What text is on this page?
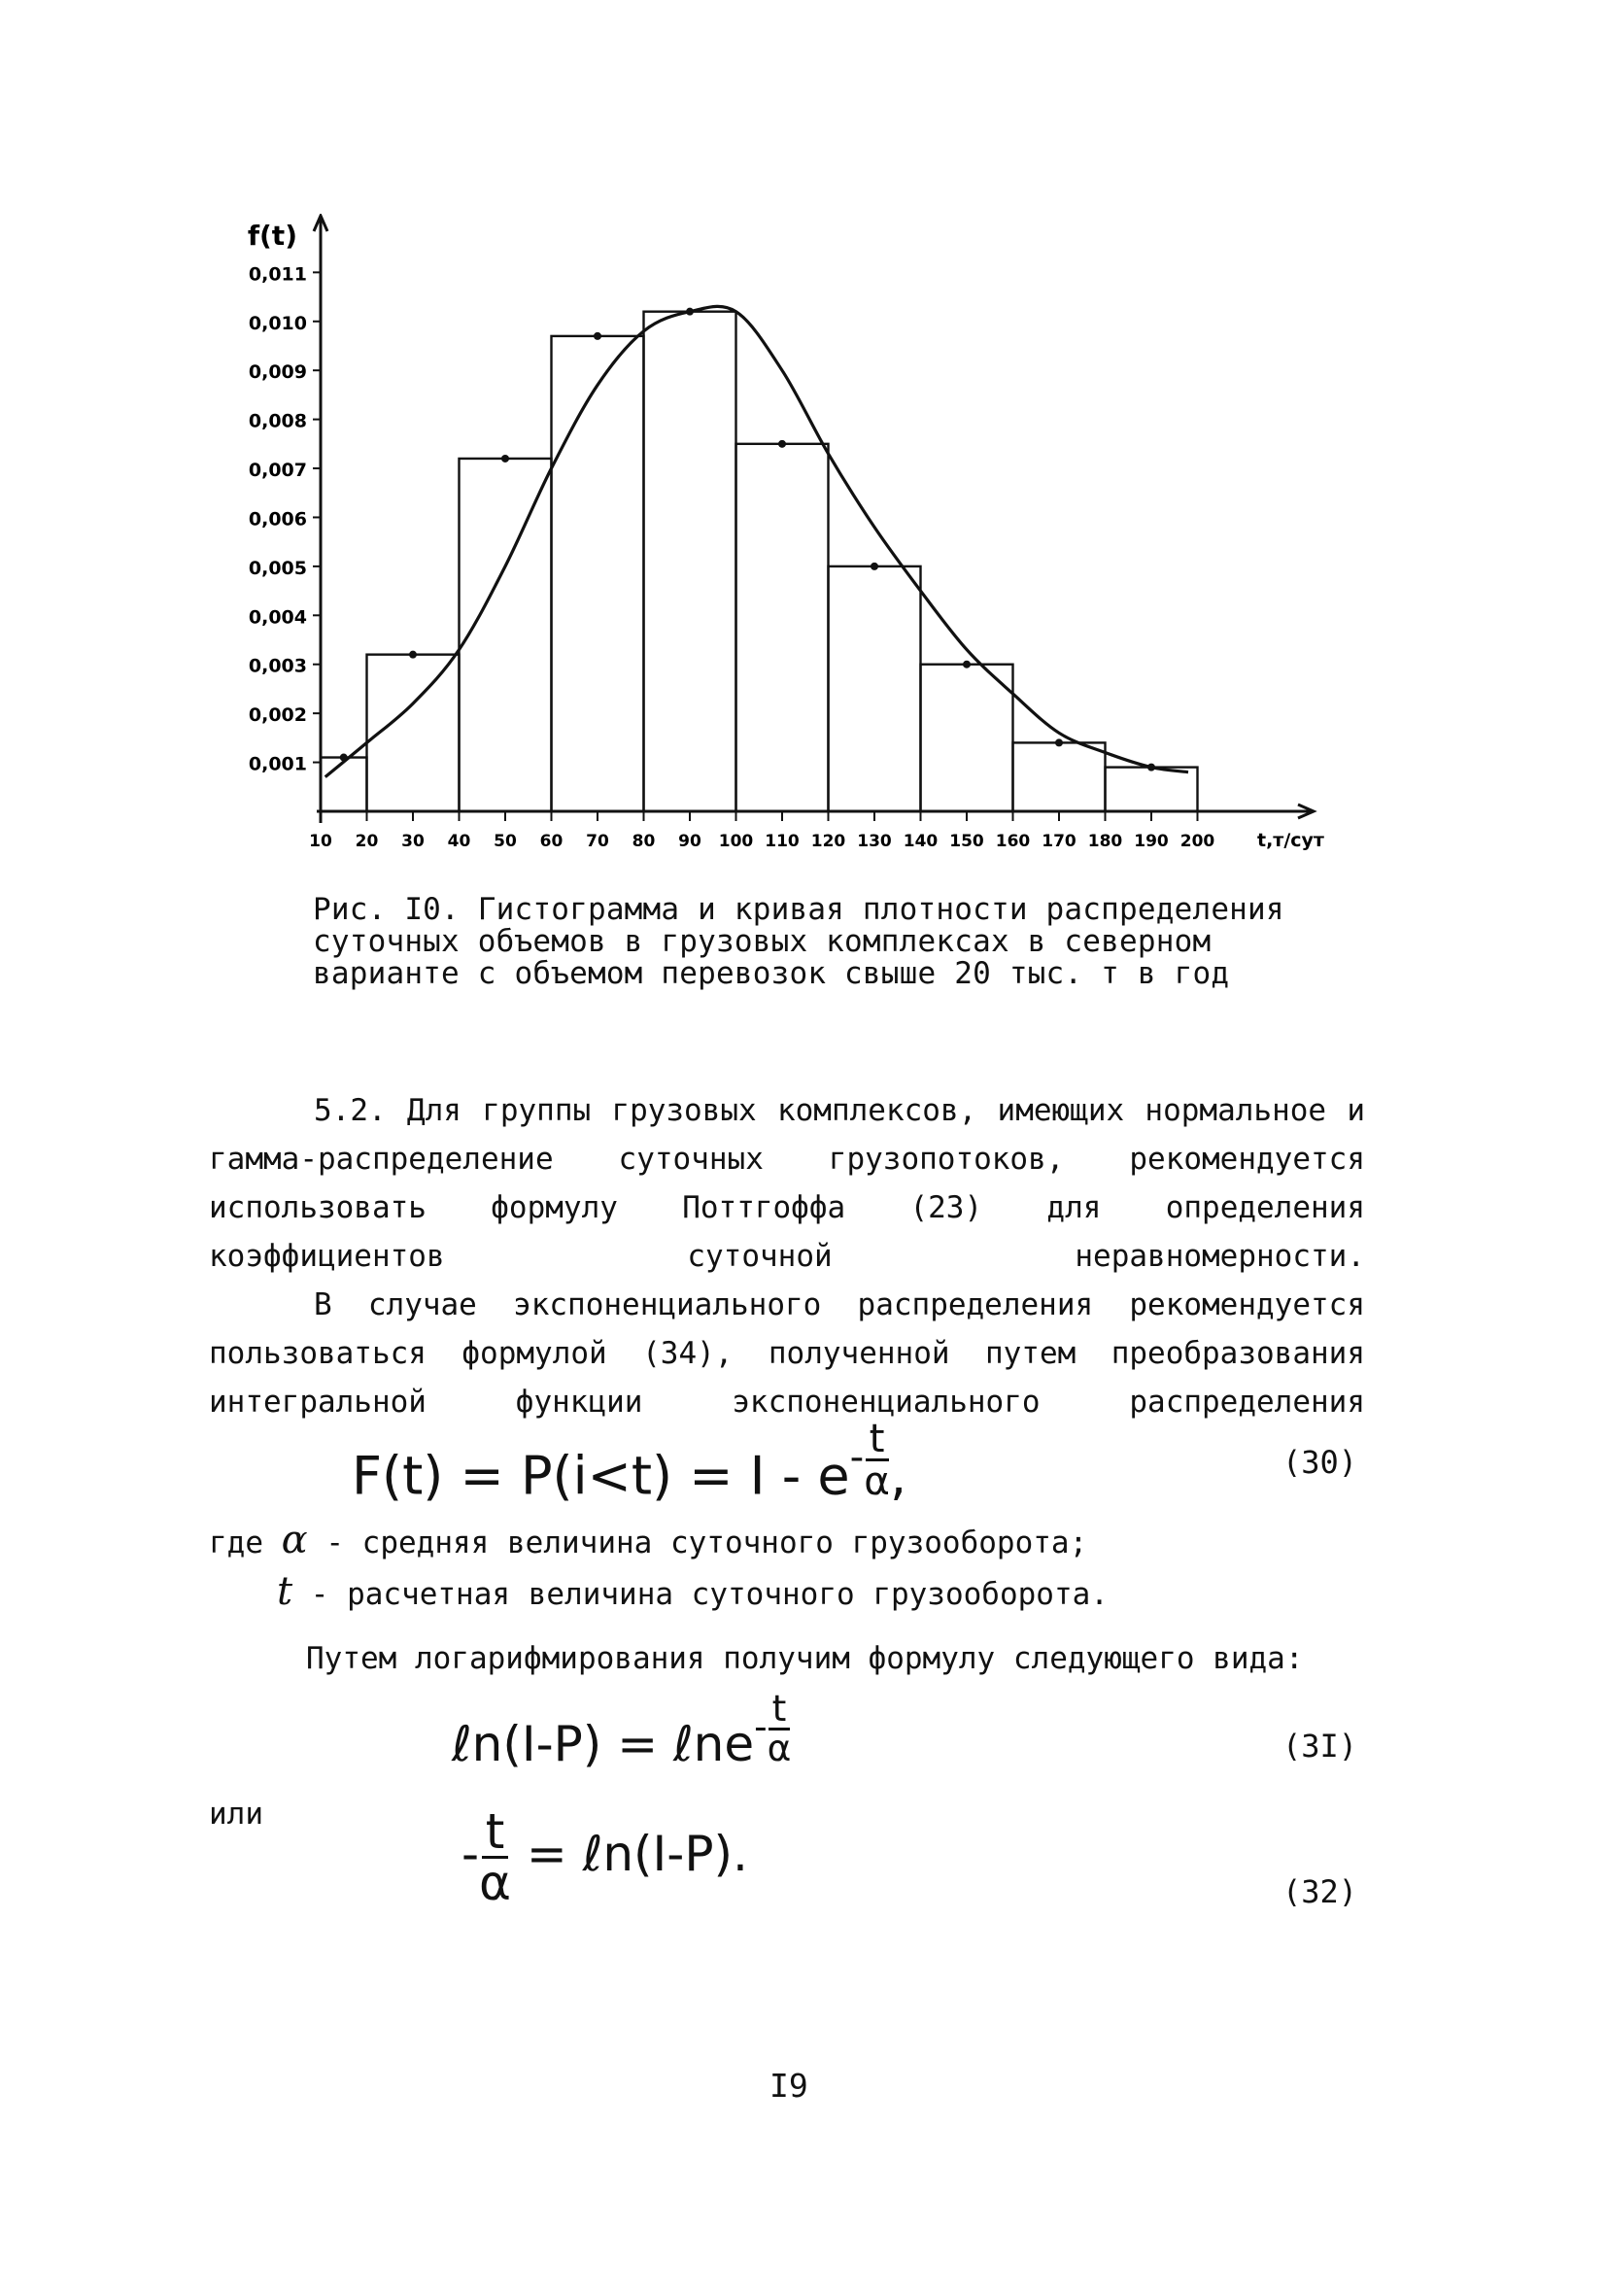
0,001
0,002
0,003
0,004
0,005
0,006
0,007
0,008
0,009
0,010
0,011
f(t)
10 20 30 40 50 60 70 80 90 100 110 120 130 140 150 160 170 180 190 200 t,т/сут
Рис. I0. Гистограмма и кривая плотности распределения суточных объемов в грузовых комплексах в северном варианте с объемом перевозок свыше 20 тыс. т в год
5.2. Для группы грузовых комплексов, имеющих нормальное и гамма-распределение суточных грузопотоков, рекомендуется использовать формулу Поттгоффа (23) для определения коэффициентов суточной неравномерности.
В случае экспоненциального распределения рекомендуется пользоваться формулой (34), полученной путем преобразования интегральной функции экспоненциального распределения
$F(t) = P(i<t) = I - e^{- \frac{t}{\alpha}}$ ,	(30)
где α - средняя величина суточного грузооборота;
t - расчетная величина суточного грузооборота.
Путем логарифмирования получим формулу следующего вида:
ℓn(I-P) = ℓne$^{- \frac{t}{\alpha}}$	(3I)
или
- $\frac{t}{\alpha}$ = ℓn(I-P).
(32)
I9
